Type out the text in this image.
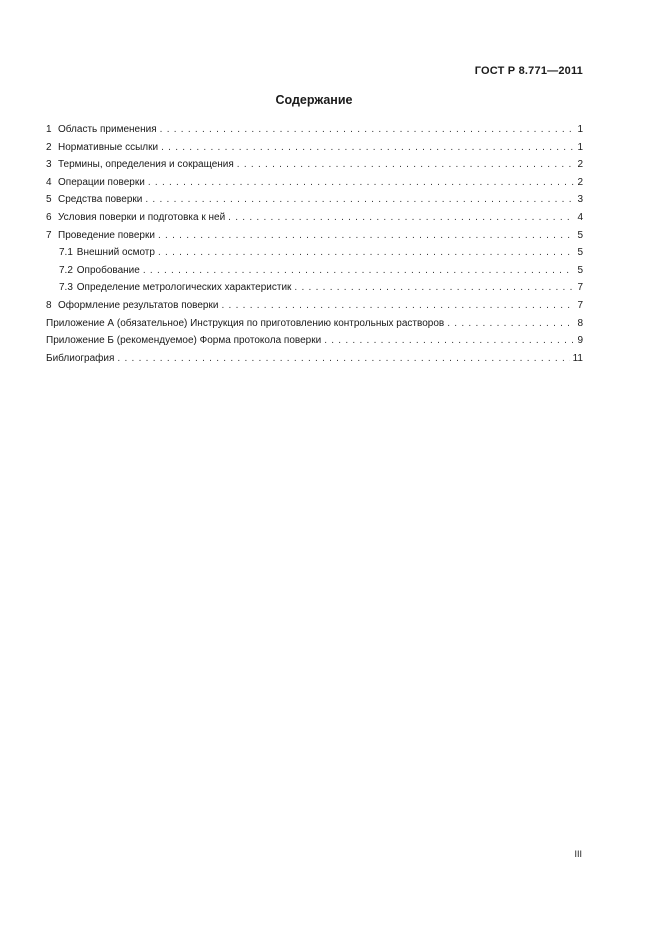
ГОСТ Р 8.771—2011
Содержание
1 Область применения . . .	1
2 Нормативные ссылки . . .	1
3 Термины, определения и сокращения . . .	2
4 Операции поверки . . .	2
5 Средства поверки . . .	3
6 Условия поверки и подготовка к ней . . .	4
7 Проведение поверки . . .	5
7.1 Внешний осмотр . . .	5
7.2 Опробование . . .	5
7.3 Определение метрологических характеристик . . .	7
8 Оформление результатов поверки . . .	7
Приложение А (обязательное) Инструкция по приготовлению контрольных растворов . . .	8
Приложение Б (рекомендуемое) Форма протокола поверки . . .	9
Библиография . . .	11
III
